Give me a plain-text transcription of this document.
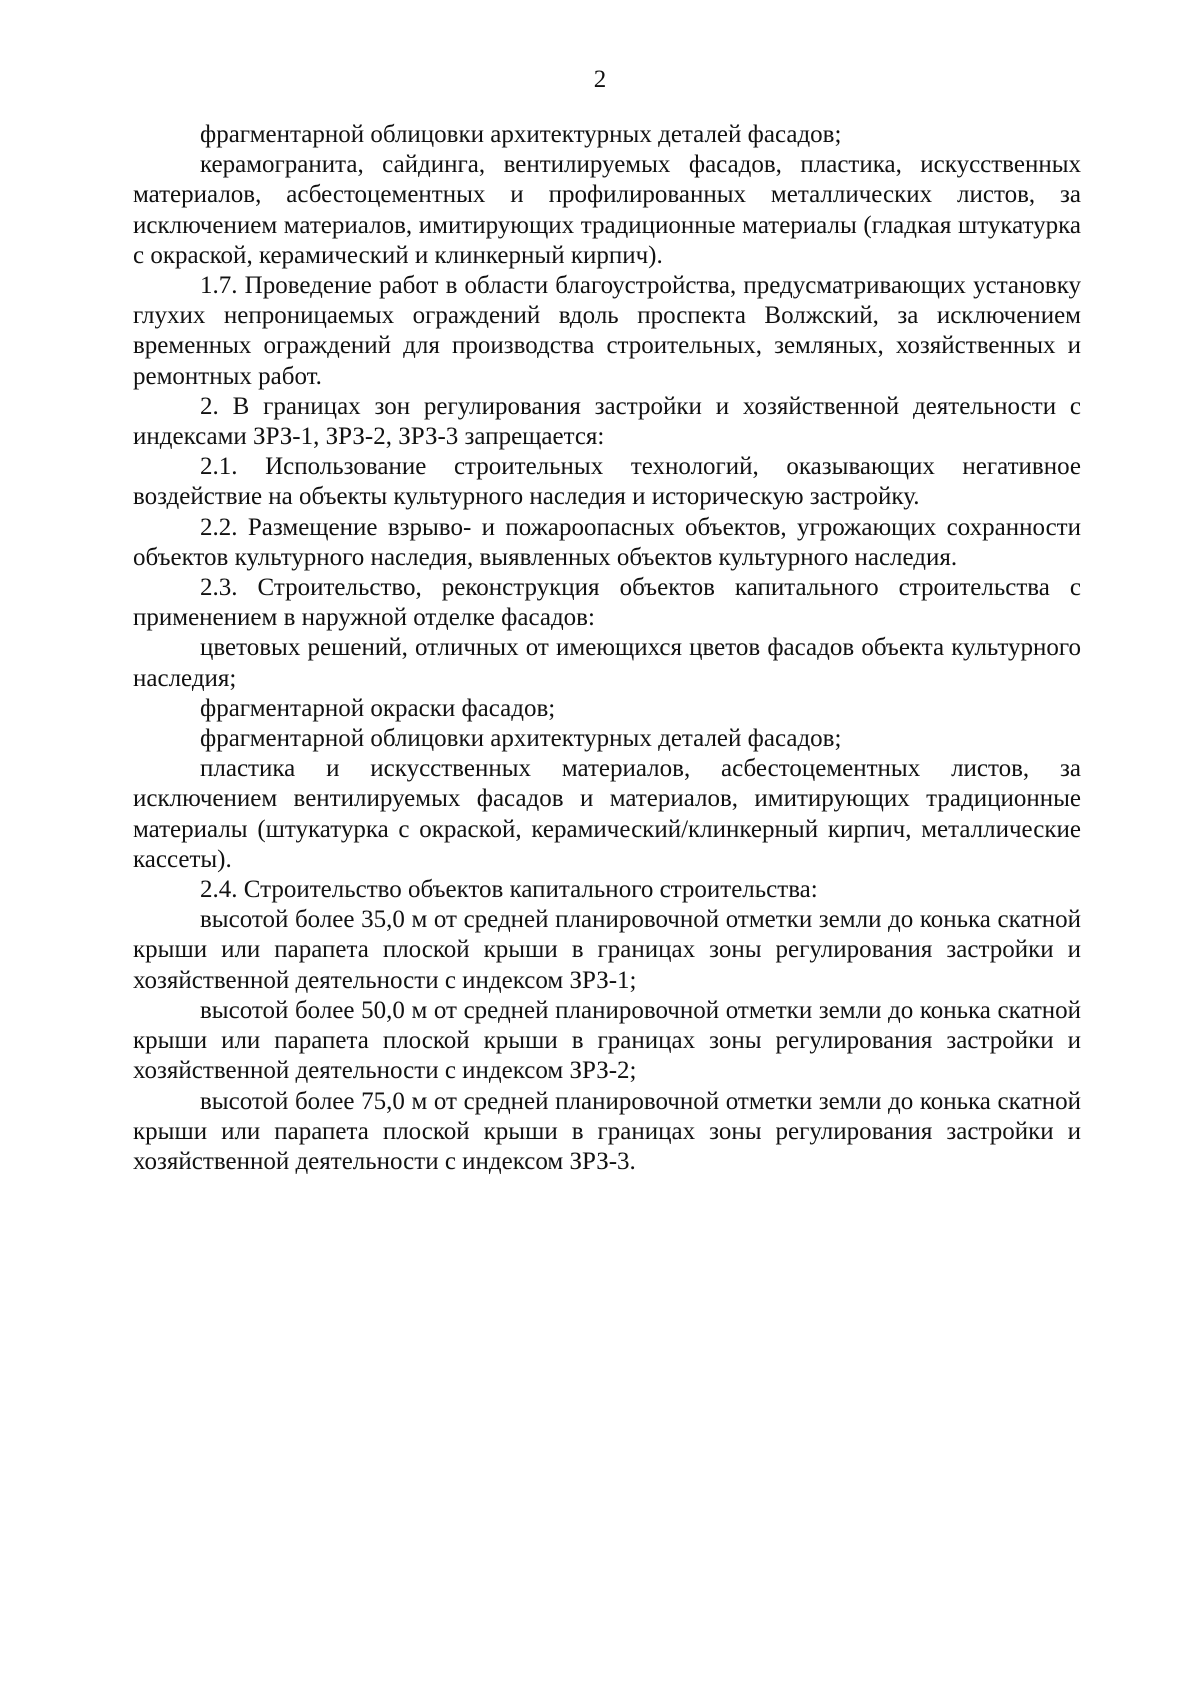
2

фрагментарной облицовки архитектурных деталей фасадов;

керамогранита, сайдинга, вентилируемых фасадов, пластика, искусственных материалов, асбестоцементных и профилированных металлических листов, за исключением материалов, имитирующих традиционные материалы (гладкая штукатурка с окраской, керамический и клинкерный кирпич).

1.7. Проведение работ в области благоустройства, предусматривающих установку глухих непроницаемых ограждений вдоль проспекта Волжский, за исключением временных ограждений для производства строительных, земляных, хозяйственных и ремонтных работ.

2. В границах зон регулирования застройки и хозяйственной деятельности с индексами ЗРЗ-1, ЗРЗ-2, ЗРЗ-3 запрещается:

2.1. Использование строительных технологий, оказывающих негативное воздействие на объекты культурного наследия и историческую застройку.

2.2. Размещение взрыво- и пожароопасных объектов, угрожающих сохранности объектов культурного наследия, выявленных объектов культурного наследия.

2.3. Строительство, реконструкция объектов капитального строительства с применением в наружной отделке фасадов:

цветовых решений, отличных от имеющихся цветов фасадов объекта культурного наследия;

фрагментарной окраски фасадов;

фрагментарной облицовки архитектурных деталей фасадов;

пластика и искусственных материалов, асбестоцементных листов, за исключением вентилируемых фасадов и материалов, имитирующих традиционные материалы (штукатурка с окраской, керамический/клинкерный кирпич, металлические кассеты).

2.4. Строительство объектов капитального строительства:

высотой более 35,0 м от средней планировочной отметки земли до конька скатной крыши или парапета плоской крыши в границах зоны регулирования застройки и хозяйственной деятельности с индексом ЗРЗ-1;

высотой более 50,0 м от средней планировочной отметки земли до конька скатной крыши или парапета плоской крыши в границах зоны регулирования застройки и хозяйственной деятельности с индексом ЗРЗ-2;

высотой более 75,0 м от средней планировочной отметки земли до конька скатной крыши или парапета плоской крыши в границах зоны регулирования застройки и хозяйственной деятельности с индексом ЗРЗ-3.
